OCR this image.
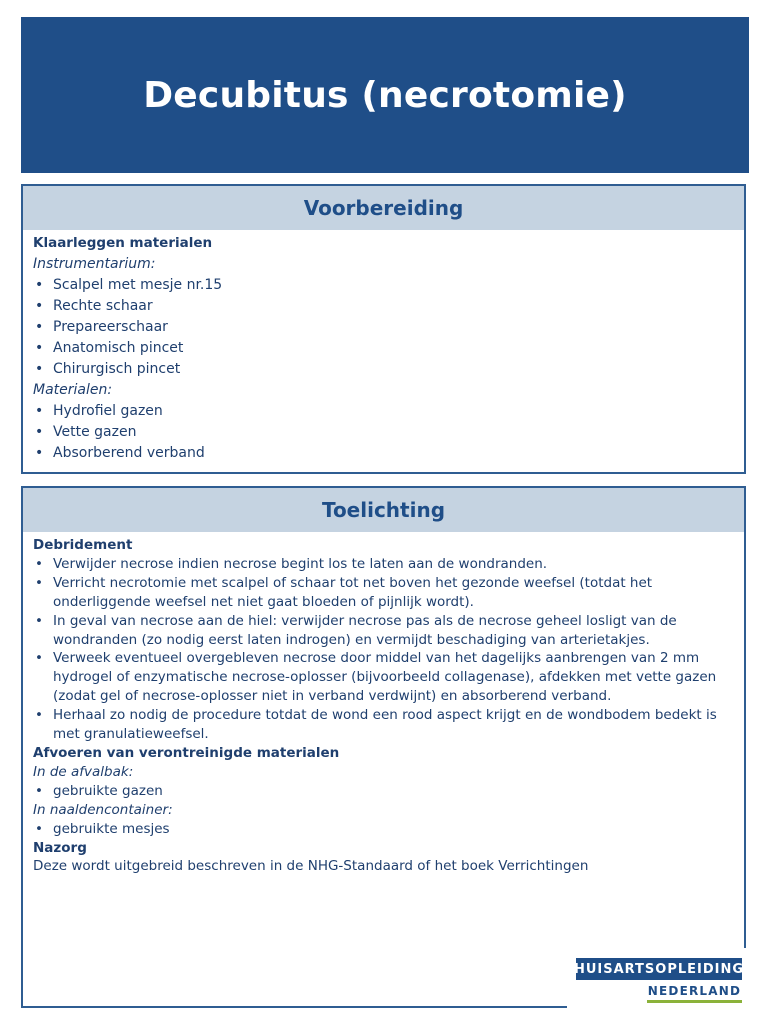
Decubitus (necrotomie)
Voorbereiding
Klaarleggen materialen
Instrumentarium:
• Scalpel met mesje nr.15
• Rechte schaar
• Prepareerschaar
• Anatomisch pincet
• Chirurgisch pincet
Materialen:
• Hydrofiel gazen
• Vette gazen
• Absorberend verband
Toelichting
Debridement
• Verwijder necrose indien necrose begint los te laten aan de wondranden.
• Verricht necrotomie met scalpel of schaar tot net boven het gezonde weefsel (totdat het onderliggende weefsel net niet gaat bloeden of pijnlijk wordt).
• In geval van necrose aan de hiel: verwijder necrose pas als de necrose geheel losligt van de wondranden (zo nodig eerst laten indrogen) en vermijdt beschadiging van arterietakjes.
• Verweek eventueel overgebleven necrose door middel van het dagelijks aanbrengen van 2 mm hydrogel of enzymatische necrose-oplosser (bijvoorbeeld collagenase), afdekken met vette gazen (zodat gel of necrose-oplosser niet in verband verdwijnt) en absorberend verband.
• Herhaal zo nodig de procedure totdat de wond een rood aspect krijgt en de wondbodem bedekt is met granulatieweefsel.
Afvoeren van verontreinigde materialen
In de afvalbak:
• gebruikte gazen
In naaldencontainer:
• gebruikte mesjes
Nazorg
Deze wordt uitgebreid beschreven in de NHG-Standaard of het boek Verrichtingen
HUISARTSOPLEIDING
NEDERLAND
